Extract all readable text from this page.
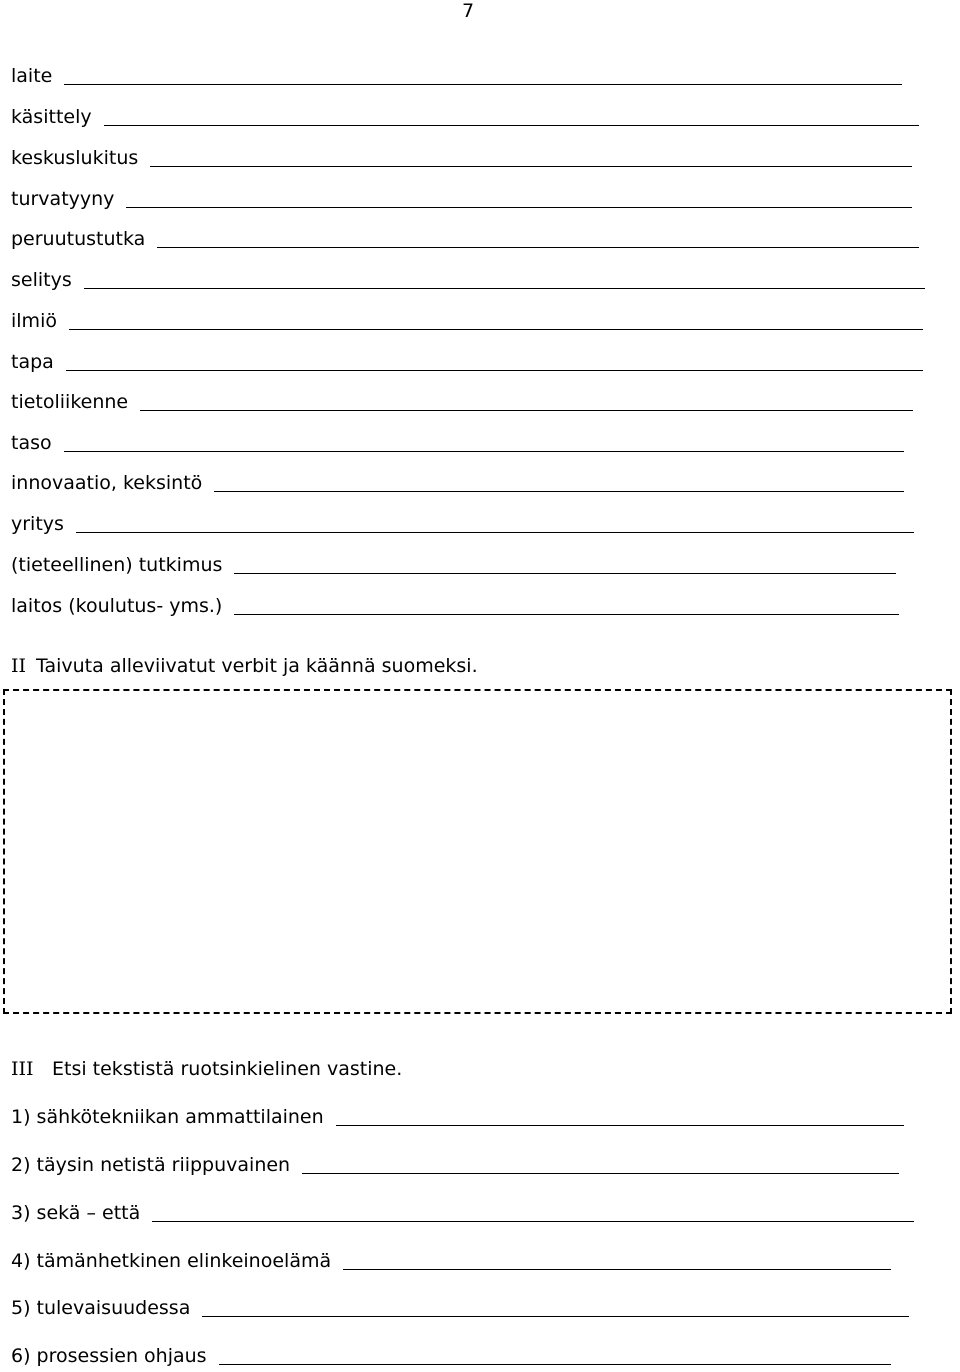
7
laite
käsittely
keskuslukitus
turvatyyny
peruutustutka
selitys
ilmiö
tapa
tietoliikenne
taso
innovaatio, keksintö
yritys
(tieteellinen) tutkimus
laitos (koulutus- yms.)
II Taivuta alleviivatut verbit ja käännä suomeksi.
III Etsi tekstistä ruotsinkielinen vastine.
1) sähkötekniikan ammattilainen
2) täysin netistä riippuvainen
3) sekä – että
4) tämänhetkinen elinkeinoelämä
5) tulevaisuudessa
6) prosessien ohjaus
